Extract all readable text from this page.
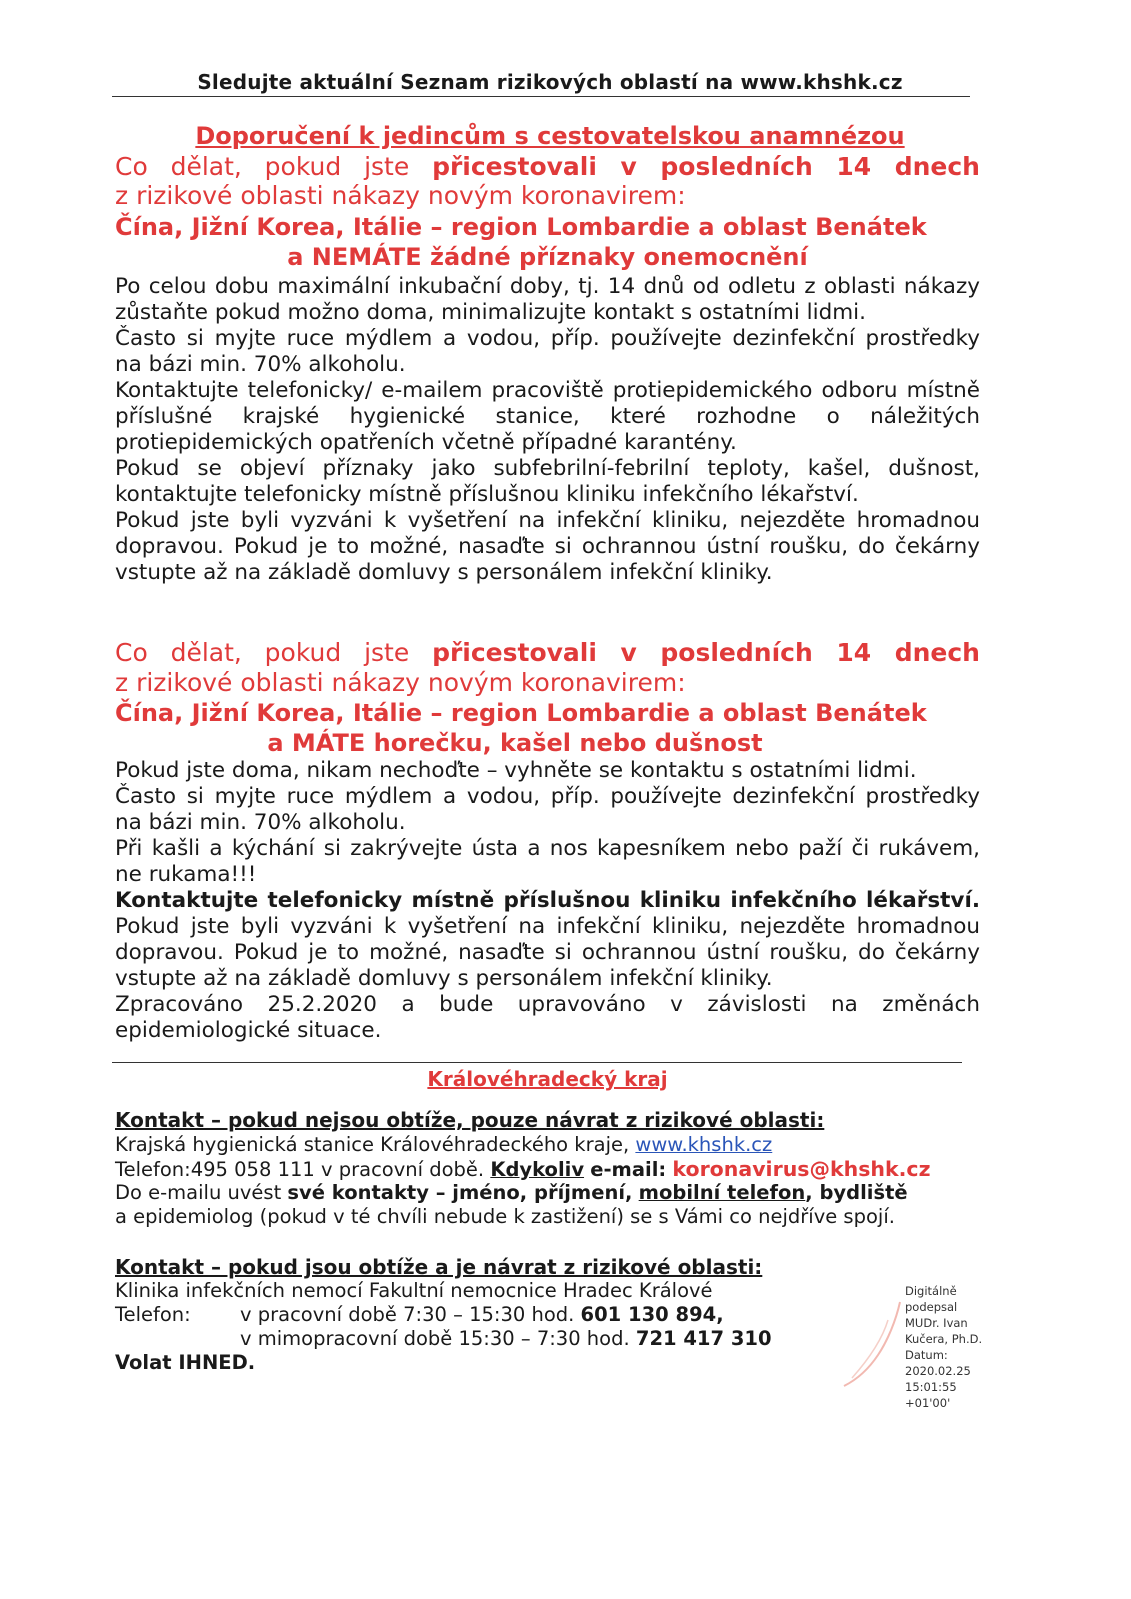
Sledujte aktuální Seznam rizikových oblastí na www.khshk.cz
Doporučení k jedincům s cestovatelskou anamnézou
Co dělat, pokud jste přicestovali v posledních 14 dnech
z rizikové oblasti nákazy novým koronavirem:
Čína, Jižní Korea, Itálie – region Lombardie a oblast Benátek
a NEMÁTE žádné příznaky onemocnění
Po celou dobu maximální inkubační doby, tj. 14 dnů od odletu z oblasti nákazy
zůstaňte pokud možno doma, minimalizujte kontakt s ostatními lidmi.
Často si myjte ruce mýdlem a vodou, příp. používejte dezinfekční prostředky
na bázi min. 70% alkoholu.
Kontaktujte telefonicky/ e-mailem pracoviště protiepidemického odboru místně
příslušné krajské hygienické stanice, které rozhodne o náležitých
protiepidemických opatřeních včetně případné karantény.
Pokud se objeví příznaky jako subfebrilní-febrilní teploty, kašel, dušnost,
kontaktujte telefonicky místně příslušnou kliniku infekčního lékařství.
Pokud jste byli vyzváni k vyšetření na infekční kliniku, nejezděte hromadnou
dopravou. Pokud je to možné, nasaďte si ochrannou ústní roušku, do čekárny
vstupte až na základě domluvy s personálem infekční kliniky.
Co dělat, pokud jste přicestovali v posledních 14 dnech
z rizikové oblasti nákazy novým koronavirem:
Čína, Jižní Korea, Itálie – region Lombardie a oblast Benátek
a MÁTE horečku, kašel nebo dušnost
Pokud jste doma, nikam nechoďte – vyhněte se kontaktu s ostatními lidmi.
Často si myjte ruce mýdlem a vodou, příp. používejte dezinfekční prostředky
na bázi min. 70% alkoholu.
Při kašli a kýchání si zakrývejte ústa a nos kapesníkem nebo paží či rukávem,
ne rukama!!!
Kontaktujte telefonicky místně příslušnou kliniku infekčního lékařství.
Pokud jste byli vyzváni k vyšetření na infekční kliniku, nejezděte hromadnou
dopravou. Pokud je to možné, nasaďte si ochrannou ústní roušku, do čekárny
vstupte až na základě domluvy s personálem infekční kliniky.
Zpracováno 25.2.2020 a bude upravováno v závislosti na změnách
epidemiologické situace.
Královéhradecký kraj
Kontakt – pokud nejsou obtíže, pouze návrat z rizikové oblasti:
Krajská hygienická stanice Královéhradeckého kraje, www.khshk.cz
Telefon:495 058 111 v pracovní době. Kdykoliv e-mail: koronavirus@khshk.cz
Do e-mailu uvést své kontakty – jméno, příjmení, mobilní telefon, bydliště
a epidemiolog (pokud v té chvíli nebude k zastižení) se s Vámi co nejdříve spojí.
Kontakt – pokud jsou obtíže a je návrat z rizikové oblasti:
Klinika infekčních nemocí Fakultní nemocnice Hradec Králové
Telefon:	v pracovní době 7:30 – 15:30 hod. 601 130 894,
v mimopracovní době 15:30 – 7:30 hod. 721 417 310
Volat IHNED.
Digitálně
podepsal
MUDr. Ivan
Kučera, Ph.D.
Datum:
2020.02.25
15:01:55
+01'00'
